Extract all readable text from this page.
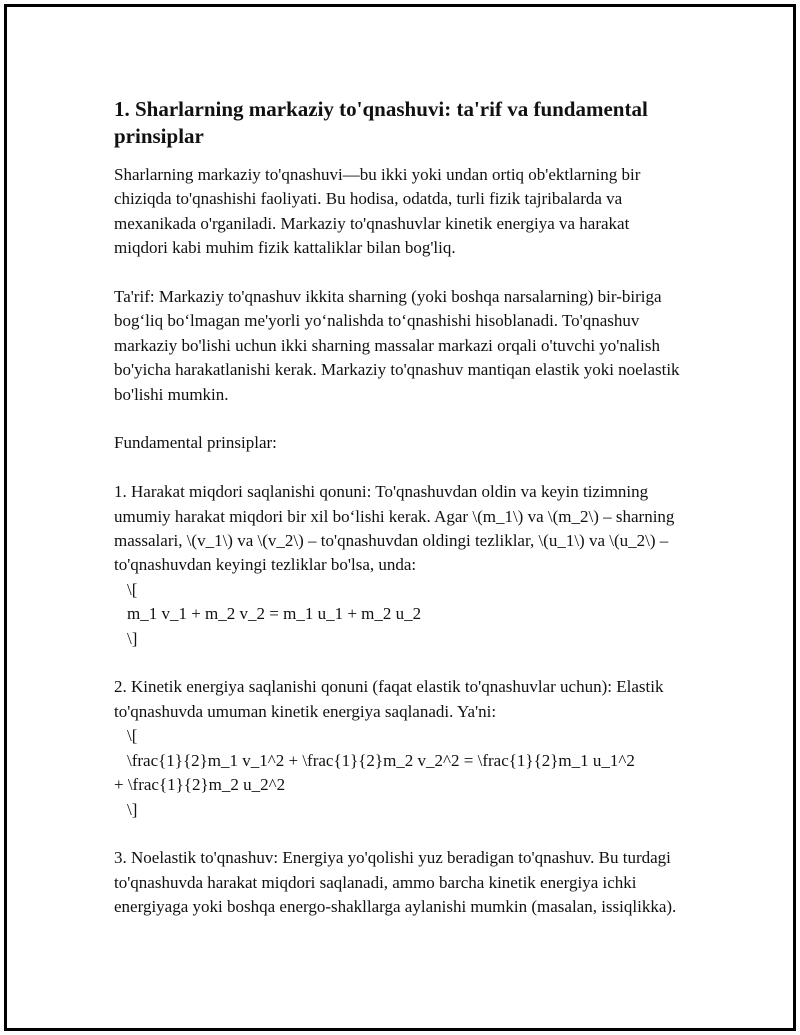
1. Sharlarning markaziy to'qnashuvi: ta'rif va fundamental prinsiplar

Sharlarning markaziy to'qnashuvi—bu ikki yoki undan ortiq ob'ektlarning bir chiziqda to'qnashishi faoliyati. Bu hodisa, odatda, turli fizik tajribalarda va mexanikada o'rganiladi. Markaziy to'qnashuvlar kinetik energiya va harakat miqdori kabi muhim fizik kattaliklar bilan bog'liq.

Ta'rif: Markaziy to'qnashuv ikkita sharning (yoki boshqa narsalarning) bir-biriga bog‘liq bo‘lmagan me'yorli yo‘nalishda to‘qnashishi hisoblanadi. To'qnashuv markaziy bo'lishi uchun ikki sharning massalar markazi orqali o'tuvchi yo'nalish bo'yicha harakatlanishi kerak. Markaziy to'qnashuv mantiqan elastik yoki noelastik bo'lishi mumkin.

Fundamental prinsiplar:

1. Harakat miqdori saqlanishi qonuni: To'qnashuvdan oldin va keyin tizimning umumiy harakat miqdori bir xil bo‘lishi kerak. Agar \(m_1\) va \(m_2\) – sharning massalari, \(v_1\) va \(v_2\) – to'qnashuvdan oldingi tezliklar, \(u_1\) va \(u_2\) – to'qnashuvdan keyingi tezliklar bo'lsa, unda:

\[

m_1 v_1 + m_2 v_2 = m_1 u_1 + m_2 u_2

\]

2. Kinetik energiya saqlanishi qonuni (faqat elastik to'qnashuvlar uchun): Elastik to'qnashuvda umuman kinetik energiya saqlanadi. Ya'ni:

\[

\frac{1}{2}m_1 v_1^2 + \frac{1}{2}m_2 v_2^2 = \frac{1}{2}m_1 u_1^2

+ \frac{1}{2}m_2 u_2^2

\]

3. Noelastik to'qnashuv: Energiya yo'qolishi yuz beradigan to'qnashuv. Bu turdagi to'qnashuvda harakat miqdori saqlanadi, ammo barcha kinetik energiya ichki energiyaga yoki boshqa energo-shakllarga aylanishi mumkin (masalan, issiqlikka).
